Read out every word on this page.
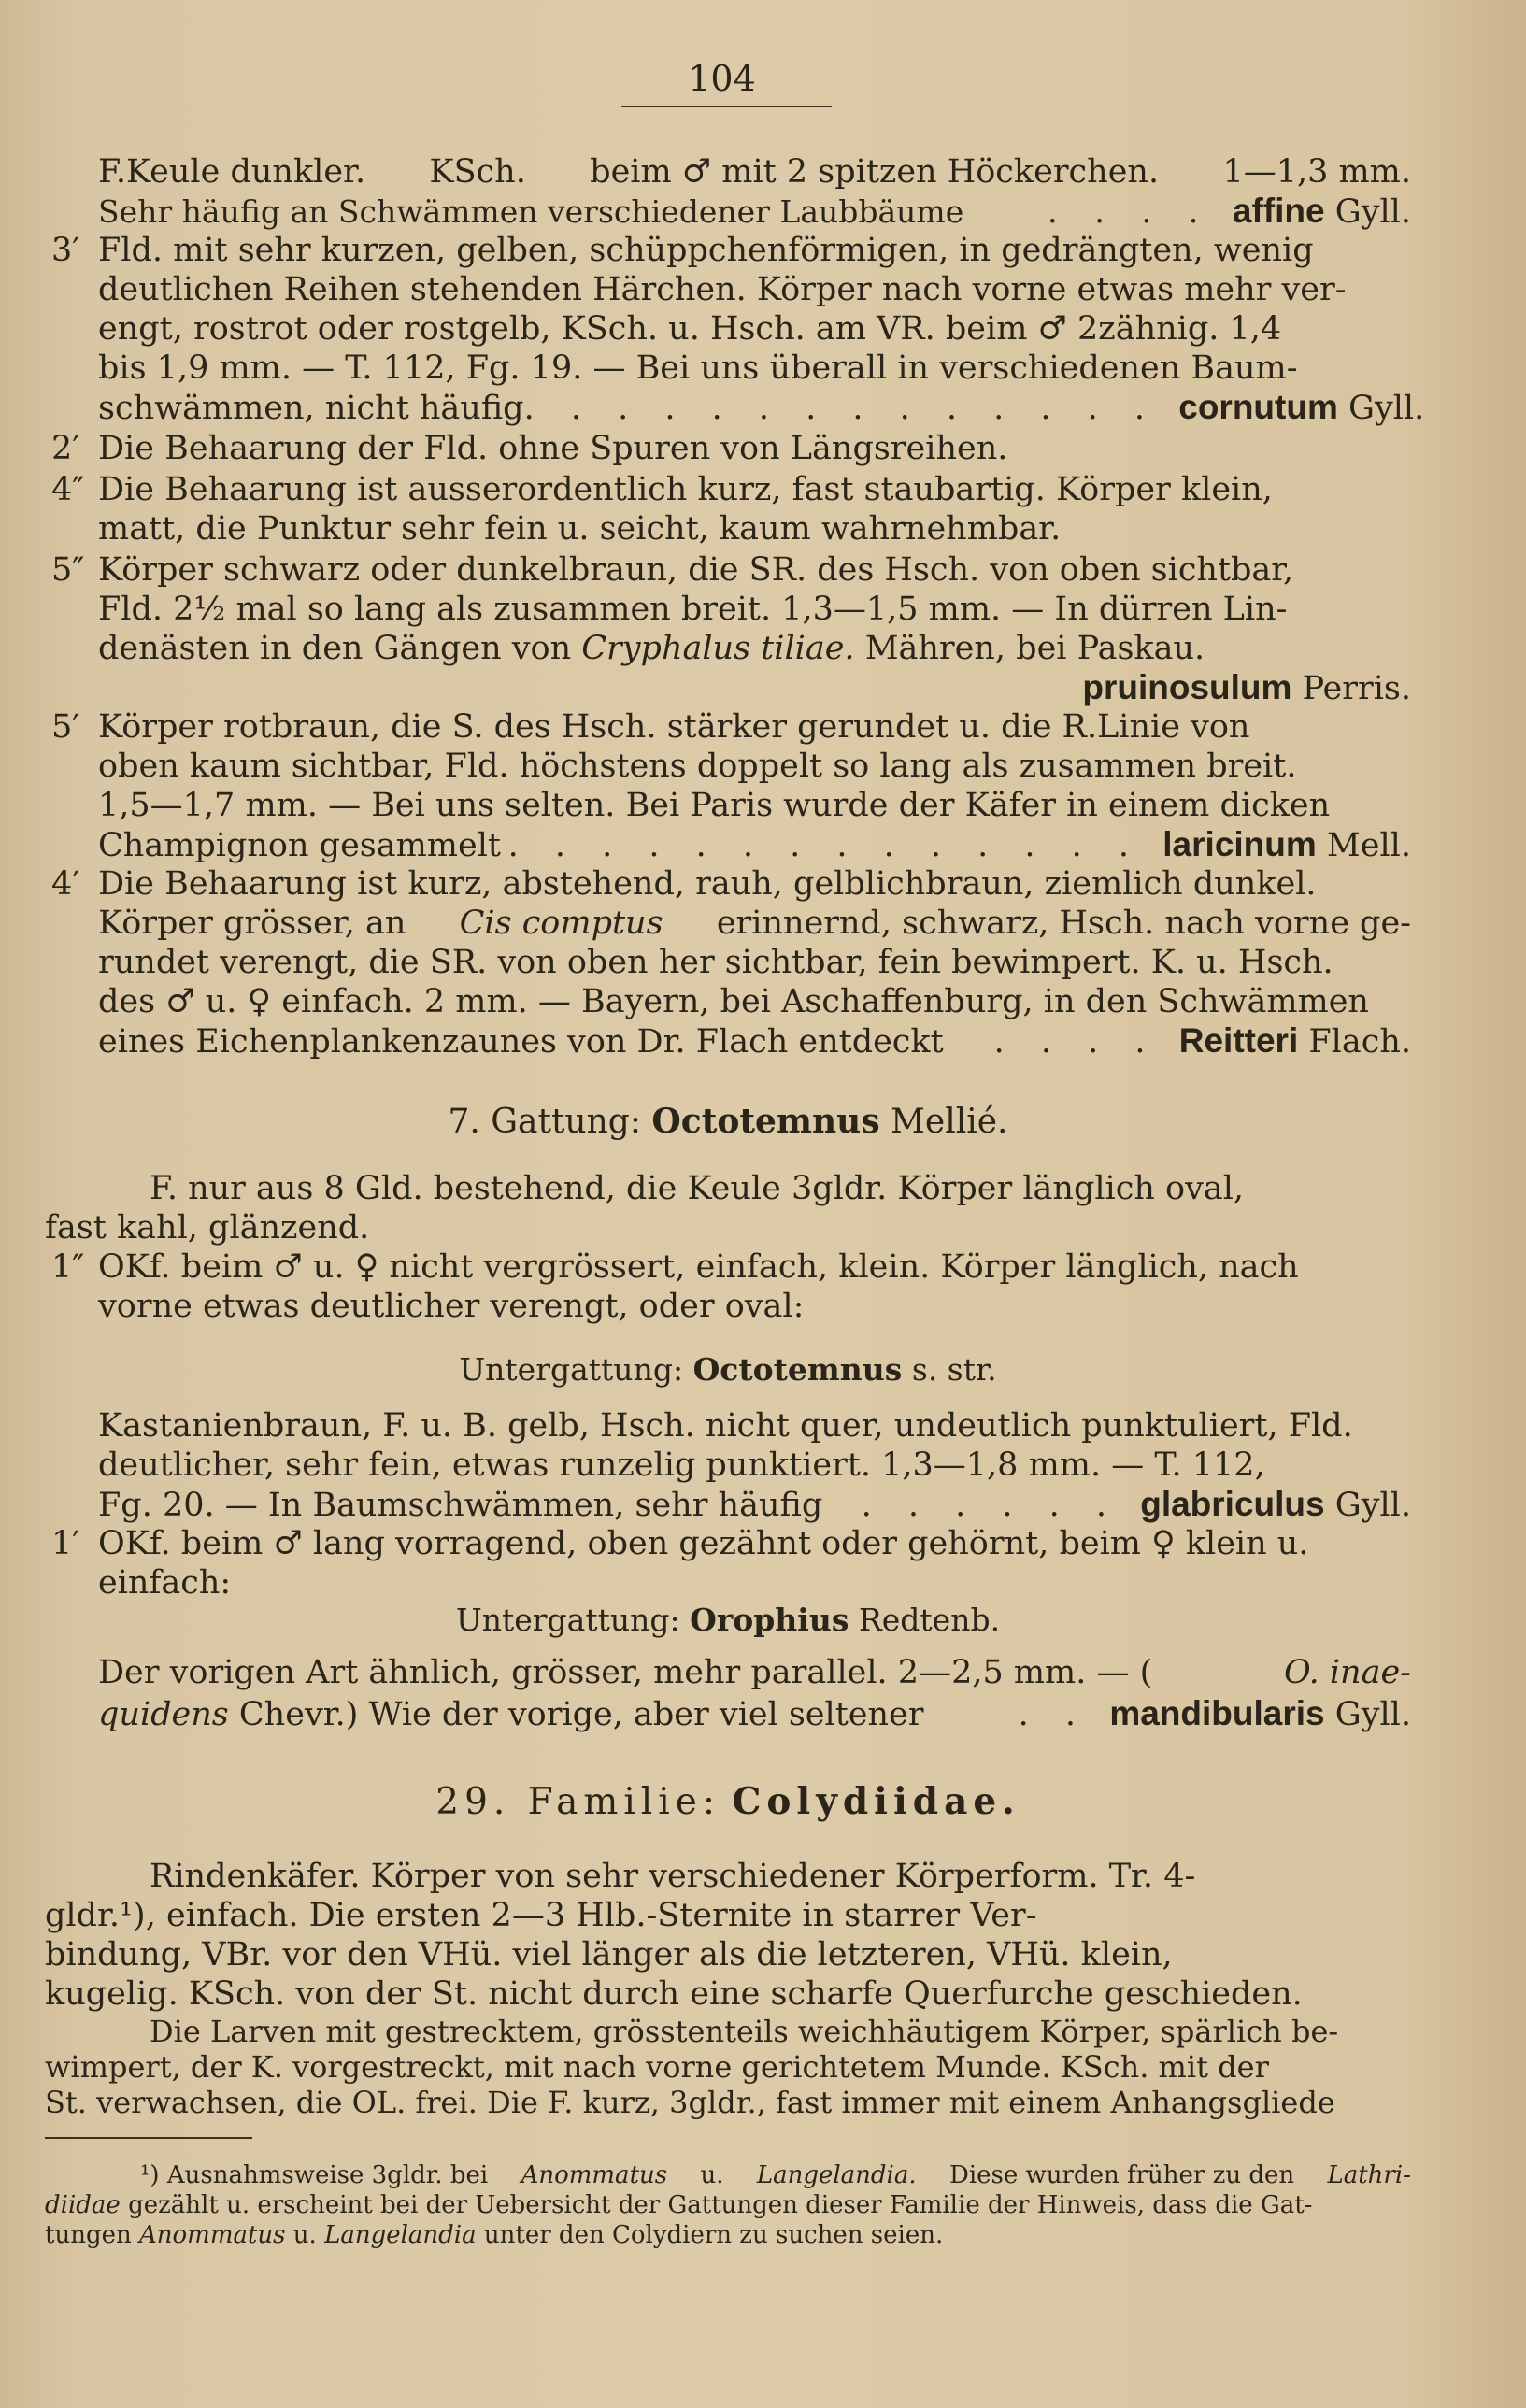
104
F.Keule dunkler. KSch. beim ♂ mit 2 spitzen Höckerchen. 1—1,3 mm.
Sehr häufig an Schwämmen verschiedener Laubbäume	. . . .
affine
Gyll.
3′ Fld. mit sehr kurzen, gelben, schüppchenförmigen, in gedrängten, wenig
deutlichen Reihen stehenden Härchen. Körper nach vorne etwas mehr ver-
engt, rostrot oder rostgelb, KSch. u. Hsch. am VR. beim ♂ 2zähnig. 1,4
bis 1,9 mm. — T. 112, Fg. 19. — Bei uns überall in verschiedenen Baum-
schwämmen, nicht häufig . . . . . . . . . . . . . .
cornutum
Gyll.
2′ Die Behaarung der Fld. ohne Spuren von Längsreihen.
4″ Die Behaarung ist ausserordentlich kurz, fast staubartig. Körper klein,
matt, die Punktur sehr fein u. seicht, kaum wahrnehmbar.
5″ Körper schwarz oder dunkelbraun, die SR. des Hsch. von oben sichtbar,
Fld. 2½ mal so lang als zusammen breit. 1,3—1,5 mm. — In dürren Lin-
denästen in den Gängen von
Cryphalus tiliae.
Mähren, bei Paskau.
pruinosulum
Perris.
5′ Körper rotbraun, die S. des Hsch. stärker gerundet u. die R.Linie von
oben kaum sichtbar, Fld. höchstens doppelt so lang als zusammen breit.
1,5—1,7 mm. — Bei uns selten. Bei Paris wurde der Käfer in einem dicken
Champignon gesammelt . . . . . . . . . . . . . .
laricinum
Mell.
4′ Die Behaarung ist kurz, abstehend, rauh, gelblichbraun, ziemlich dunkel.
Körper grösser, an Cis comptus erinnernd, schwarz, Hsch. nach vorne ge-
rundet verengt, die SR. von oben her sichtbar, fein bewimpert. K. u. Hsch.
des ♂ u. ♀ einfach. 2 mm. — Bayern, bei Aschaffenburg, in den Schwämmen
eines Eichenplankenzaunes von Dr. Flach entdeckt . . . .
Reitteri
Flach.
7. Gattung:
Octotemnus
Mellié.
F. nur aus 8 Gld. bestehend, die Keule 3gldr. Körper länglich oval,
fast kahl, glänzend.
1″ OKf. beim ♂ u. ♀ nicht vergrössert, einfach, klein. Körper länglich, nach
vorne etwas deutlicher verengt, oder oval:
Untergattung:
Octotemnus
s. str.
Kastanienbraun, F. u. B. gelb, Hsch. nicht quer, undeutlich punktuliert, Fld.
deutlicher, sehr fein, etwas runzelig punktiert. 1,3—1,8 mm. — T. 112,
Fg. 20. — In Baumschwämmen, sehr häufig . . . . . .
glabriculus
Gyll.
1′ OKf. beim ♂ lang vorragend, oben gezähnt oder gehörnt, beim ♀ klein u.
einfach:
Untergattung:
Orophius
Redtenb.
Der vorigen Art ähnlich, grösser, mehr parallel. 2—2,5 mm. — (	O. inae-
quidens
Chevr.) Wie der vorige, aber viel seltener	. .
mandibularis
Gyll.
29. Familie:
Colydiidae.
Rindenkäfer. Körper von sehr verschiedener Körperform. Tr. 4-
gldr.¹), einfach. Die ersten 2—3 Hlb.-Sternite in starrer Ver-
bindung, VBr. vor den VHü. viel länger als die letzteren, VHü. klein,
kugelig. KSch. von der St. nicht durch eine scharfe Querfurche geschieden.
Die Larven mit gestrecktem, grösstenteils weichhäutigem Körper, spärlich be-
wimpert, der K. vorgestreckt, mit nach vorne gerichtetem Munde. KSch. mit der
St. verwachsen, die OL. frei. Die F. kurz, 3gldr., fast immer mit einem Anhangsgliede
¹) Ausnahmsweise 3gldr. bei Anommatus u. Langelandia. Diese wurden früher zu den Lathri-
diidae
gezählt u. erscheint bei der Uebersicht der Gattungen dieser Familie der Hinweis, dass die Gat-
tungen
Anommatus
u.
Langelandia
unter den Colydiern zu suchen seien.
